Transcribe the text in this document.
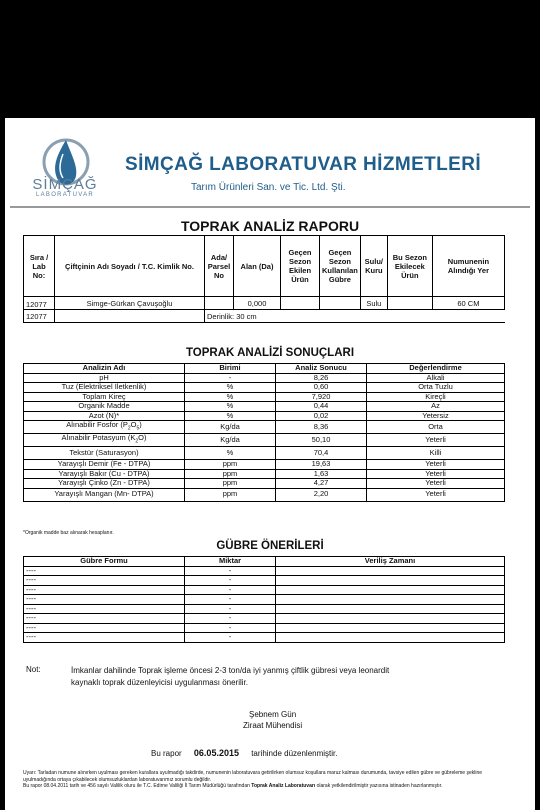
SİMÇAĞ
LABORATUVAR
SİMÇAĞ LABORATUVAR HİZMETLERİ
Tarım Ürünleri San. ve Tic. Ltd. Şti.
TOPRAK ANALİZ RAPORU
Sıra / Lab No:	Çiftçinin Adı Soyadı / T.C. Kimlik No.	Ada/ Parsel No	Alan (Da)	Geçen Sezon Ekilen Ürün	Geçen Sezon Kullanılan Gübre	Sulu/ Kuru	Bu Sezon Ekilecek Ürün	Numunenin Alındığı Yer
12077	Simge-Gürkan Çavuşoğlu		0,000			Sulu		60 CM
12077		Derinlik: 30 cm						
TOPRAK ANALİZİ SONUÇLARI
Analizin Adı	Birimi	Analiz Sonucu	Değerlendirme
pH	-	8,26	Alkali
Tuz (Elektriksel İletkenlik)	%	0,60	Orta Tuzlu
Toplam Kireç	%	7,920	Kireçli
Organik Madde	%	0,44	Az
Azot (N)*	%	0,02	Yetersiz
Alınabilir Fosfor $(P_2O_5)$	Kg/da	8,36	Orta
Alınabilir Potasyum $(K_2O)$	Kg/da	50,10	Yeterli
Tekstür (Saturasyon)	%	70,4	Killi
Yarayışlı Demir (Fe - DTPA)	ppm	19,63	Yeterli
Yarayışlı Bakır (Cu - DTPA)	ppm	1,63	Yeterli
Yarayışlı Çinko (Zn - DTPA)	ppm	4,27	Yeterli
Yarayışlı Mangan (Mn- DTPA)	ppm	2,20	Yeterli
*Organik madde baz alınarak hesaplanır.
GÜBRE ÖNERİLERİ
Gübre Formu	Miktar	Veriliş Zamanı
----	-	
----	-	
----	-	
----	-	
----	-	
----	-	
----	-	
----	-	
Not:	İmkanlar dahilinde Toprak işleme öncesi 2-3 ton/da iyi yanmış çiftlik gübresi veya leonardit kaynaklı toprak düzenleyicisi uygulanması önerilir.
Şebnem Gün
Ziraat Mühendisi
Bu rapor 06.05.2015 tarihinde düzenlenmiştir.
Uyarı: Tarladan numune alınırken uyulması gereken kurallara uyulmadığı takdirde, numunenin laboratuvara getirilirken olumsuz koşullara maruz kalması durumunda, tavsiye edilen gübre ve gübreleme şekline uyulmadığında ortaya çıkabilecek olumsuzluklardan laboratuvarımız sorumlu değildir.
Bu rapor 08.04.2011 tarih ve 456 sayılı Valilik oluru ile T.C. Edirne Valiliği İl Tarım Müdürlüğü tarafından Toprak Analiz Laboratuvarı olarak yetkilendirilmiştir yazısına istinaden hazırlanmıştır.
